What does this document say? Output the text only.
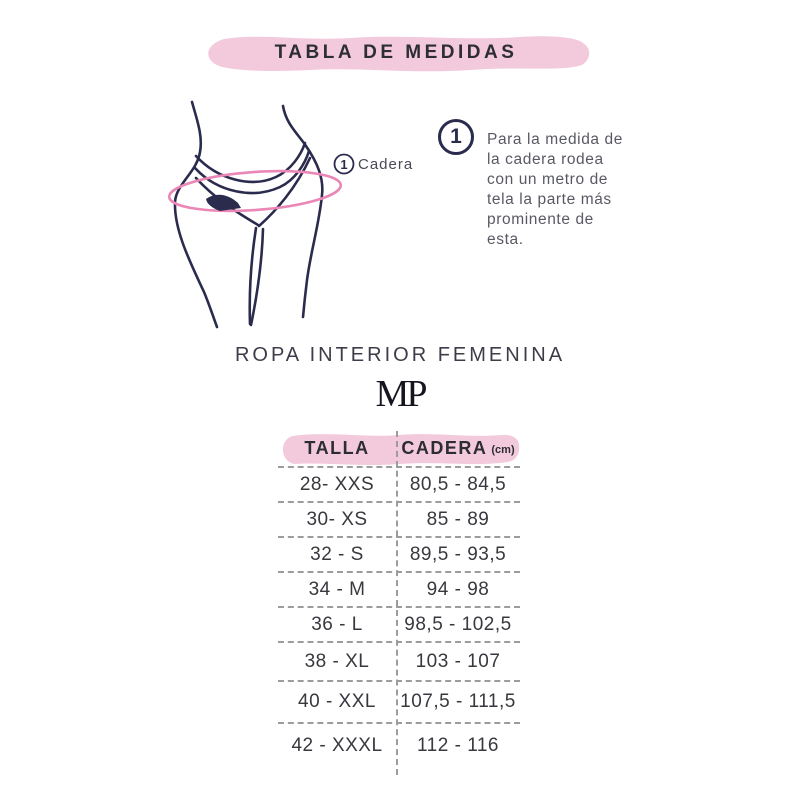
TABLA DE MEDIDAS
1 Cadera
1 Para la medida de
la cadera rodea
con un metro de
tela la parte más
prominente de
esta.
ROPA INTERIOR FEMENINA
MP
TALLA	CADERA (cm)
28- XXS	80,5 - 84,5
30- XS	85 - 89
32 - S	89,5 - 93,5
34 - M	94 - 98
36 - L	98,5 - 102,5
38 - XL	103 - 107
40 - XXL	107,5 - 111,5
42 - XXXL	112 - 116
